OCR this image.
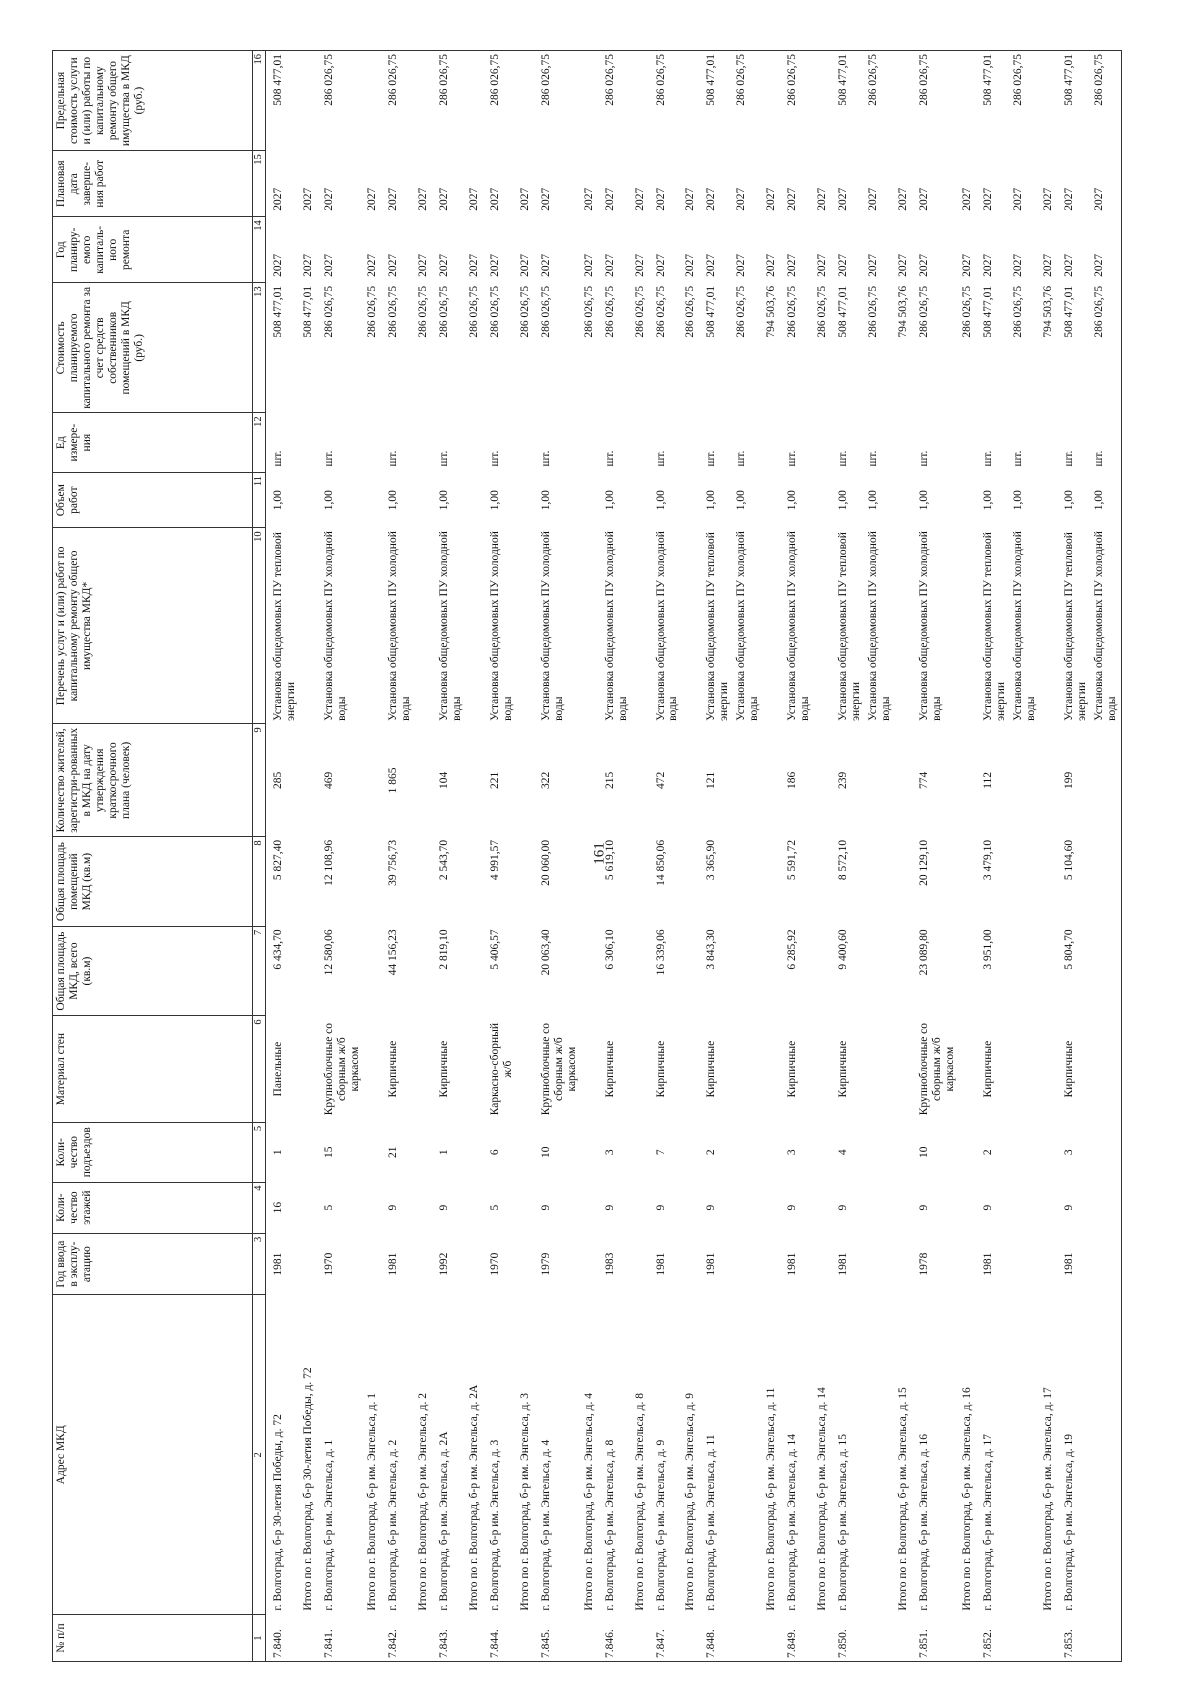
161
№ п/п	Адрес МКД	Год ввода в эксплу-атацию	Коли-чество этажей	Коли-чество подъездов	Материал стен	Общая площадь МКД, всего (кв.м)	Общая площадь помещений МКД (кв.м)	Количество жителей, зарегистри-рованных в МКД на дату утверждения краткосрочного плана (человек)	Перечень услуг и (или) работ по капитальному ремонту общего имущества МКД*	Объем работ	Ед измере-ния	Стоимость планируемого капитального ремонта за счет средств собственников помещений в МКД (руб.)	Год планиру-емого капиталь-ного ремонта	Плановая дата заверше-ния работ	Предельная стоимость услуги и (или) работы по капитальному ремонту общего имущества в МКД (руб.)
1	2	3	4	5	6	7	8	9	10	11	12	13	14	15	16
7.840.	г. Волгоград, б-р 30-летия Победы, д. 72	1981	16	1	Панельные	6 434,70	5 827,40	285	Установка общедомовых ПУ тепловой энергии	1,00	шт.	508 477,01	2027	2027	508 477,01
	Итого по г. Волгоград, б-р 30-летия Победы, д. 72											508 477,01	2027	2027	
7.841.	г. Волгоград, б-р им. Энгельса, д. 1	1970	5	15	Крупноблочные со сборным ж/б каркасом	12 580,06	12 108,96	469	Установка общедомовых ПУ холодной воды	1,00	шт.	286 026,75	2027	2027	286 026,75
	Итого по г. Волгоград, б-р им. Энгельса, д. 1											286 026,75	2027	2027	
7.842.	г. Волгоград, б-р им. Энгельса, д. 2	1981	9	21	Кирпичные	44 156,23	39 756,73	1 865	Установка общедомовых ПУ холодной воды	1,00	шт.	286 026,75	2027	2027	286 026,75
	Итого по г. Волгоград, б-р им. Энгельса, д. 2											286 026,75	2027	2027	
7.843.	г. Волгоград, б-р им. Энгельса, д. 2А	1992	9	1	Кирпичные	2 819,10	2 543,70	104	Установка общедомовых ПУ холодной воды	1,00	шт.	286 026,75	2027	2027	286 026,75
	Итого по г. Волгоград, б-р им. Энгельса, д. 2А											286 026,75	2027	2027	
7.844.	г. Волгоград, б-р им. Энгельса, д. 3	1970	5	6	Каркасно-сборный ж/б	5 406,57	4 991,57	221	Установка общедомовых ПУ холодной воды	1,00	шт.	286 026,75	2027	2027	286 026,75
	Итого по г. Волгоград, б-р им. Энгельса, д. 3											286 026,75	2027	2027	
7.845.	г. Волгоград, б-р им. Энгельса, д. 4	1979	9	10	Крупноблочные со сборным ж/б каркасом	20 063,40	20 060,00	322	Установка общедомовых ПУ холодной воды	1,00	шт.	286 026,75	2027	2027	286 026,75
	Итого по г. Волгоград, б-р им. Энгельса, д. 4											286 026,75	2027	2027	
7.846.	г. Волгоград, б-р им. Энгельса, д. 8	1983	9	3	Кирпичные	6 306,10	5 619,10	215	Установка общедомовых ПУ холодной воды	1,00	шт.	286 026,75	2027	2027	286 026,75
	Итого по г. Волгоград, б-р им. Энгельса, д. 8											286 026,75	2027	2027	
7.847.	г. Волгоград, б-р им. Энгельса, д. 9	1981	9	7	Кирпичные	16 339,06	14 850,06	472	Установка общедомовых ПУ холодной воды	1,00	шт.	286 026,75	2027	2027	286 026,75
	Итого по г. Волгоград, б-р им. Энгельса, д. 9											286 026,75	2027	2027	
7.848.	г. Волгоград, б-р им. Энгельса, д. 11	1981	9	2	Кирпичные	3 843,30	3 365,90	121	Установка общедомовых ПУ тепловой энергии	1,00	шт.	508 477,01	2027	2027	508 477,01
									Установка общедомовых ПУ холодной воды	1,00	шт.	286 026,75	2027	2027	286 026,75
	Итого по г. Волгоград, б-р им. Энгельса, д. 11											794 503,76	2027	2027	
7.849.	г. Волгоград, б-р им. Энгельса, д. 14	1981	9	3	Кирпичные	6 285,92	5 591,72	186	Установка общедомовых ПУ холодной воды	1,00	шт.	286 026,75	2027	2027	286 026,75
	Итого по г. Волгоград, б-р им. Энгельса, д. 14											286 026,75	2027	2027	
7.850.	г. Волгоград, б-р им. Энгельса, д. 15	1981	9	4	Кирпичные	9 400,60	8 572,10	239	Установка общедомовых ПУ тепловой энергии	1,00	шт.	508 477,01	2027	2027	508 477,01
									Установка общедомовых ПУ холодной воды	1,00	шт.	286 026,75	2027	2027	286 026,75
	Итого по г. Волгоград, б-р им. Энгельса, д. 15											794 503,76	2027	2027	
7.851.	г. Волгоград, б-р им. Энгельса, д. 16	1978	9	10	Крупноблочные со сборным ж/б каркасом	23 089,80	20 129,10	774	Установка общедомовых ПУ холодной воды	1,00	шт.	286 026,75	2027	2027	286 026,75
	Итого по г. Волгоград, б-р им. Энгельса, д. 16											286 026,75	2027	2027	
7.852.	г. Волгоград, б-р им. Энгельса, д. 17	1981	9	2	Кирпичные	3 951,00	3 479,10	112	Установка общедомовых ПУ тепловой энергии	1,00	шт.	508 477,01	2027	2027	508 477,01
									Установка общедомовых ПУ холодной воды	1,00	шт.	286 026,75	2027	2027	286 026,75
	Итого по г. Волгоград, б-р им. Энгельса, д. 17											794 503,76	2027	2027	
7.853.	г. Волгоград, б-р им. Энгельса, д. 19	1981	9	3	Кирпичные	5 804,70	5 104,60	199	Установка общедомовых ПУ тепловой энергии	1,00	шт.	508 477,01	2027	2027	508 477,01
									Установка общедомовых ПУ холодной воды	1,00	шт.	286 026,75	2027	2027	286 026,75
